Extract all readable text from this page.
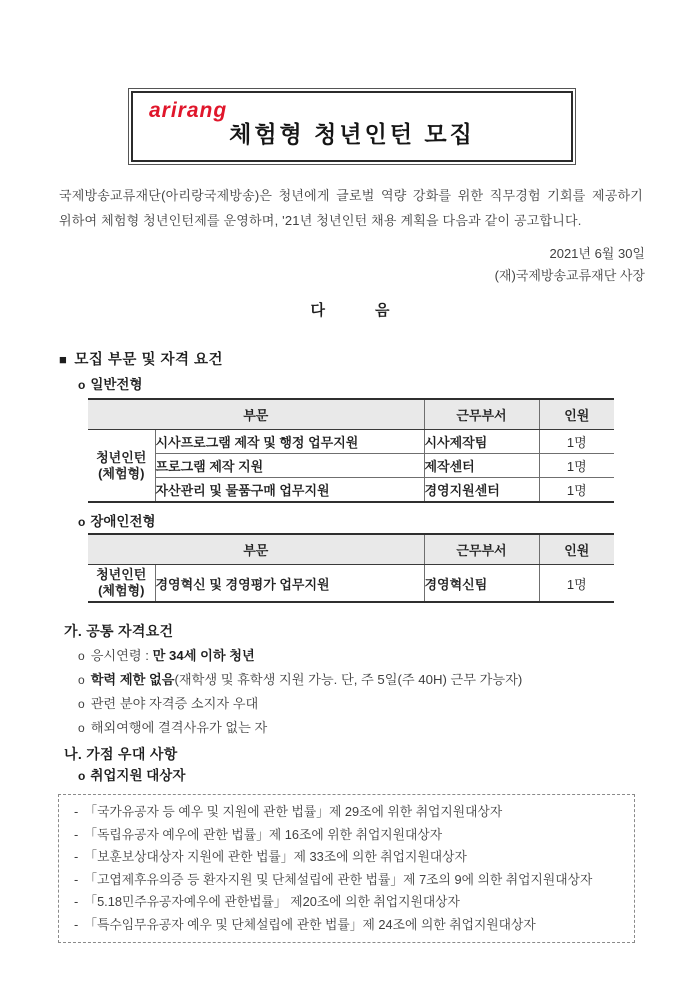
arirang
체험형 청년인턴 모집
국제방송교류재단(아리랑국제방송)은 청년에게 글로벌 역량 강화를 위한 직무경험 기회를 제공하기
위하여 체험형 청년인턴제를 운영하며, '21년 청년인턴 채용 계획을 다음과 같이 공고합니다.
2021년 6월 30일
(재)국제방송교류재단 사장
다            음
■ 모집 부문 및 자격 요건
o 일반전형
부문		근무부서	인원

청년인턴
(체험형)	시사프로그램 제작 및 행정 업무지원	시사제작팀	1명
	프로그램 제작 지원	제작센터	1명
	자산관리 및 물품구매 업무지원	경영지원센터	1명
o 장애인전형
부문		근무부서	인원

청년인턴
(체험형)	경영혁신 및 경영평가 업무지원	경영혁신팀	1명
가. 공통 자격요건
o 응시연령 : 만 34세 이하 청년
o 학력 제한 없음(재학생 및 휴학생 지원 가능. 단, 주 5일(주 40H) 근무 가능자)
o 관련 분야 자격증 소지자 우대
o 해외여행에 결격사유가 없는 자
나. 가점 우대 사항
o 취업지원 대상자
- 「국가유공자 등 예우 및 지원에 관한 법률」제 29조에 위한 취업지원대상자
- 「독립유공자 예우에 관한 법률」제 16조에 위한 취업지원대상자
- 「보훈보상대상자 지원에 관한 법률」제 33조에 의한 취업지원대상자
- 「고엽제후유의증 등 환자지원 및 단체설립에 관한 법률」제 7조의 9에 의한 취업지원대상자
- 「5.18민주유공자예우에 관한법률」 제20조에 의한 취업지원대상자
- 「특수임무유공자 예우 및 단체설립에 관한 법률」제 24조에 의한 취업지원대상자
